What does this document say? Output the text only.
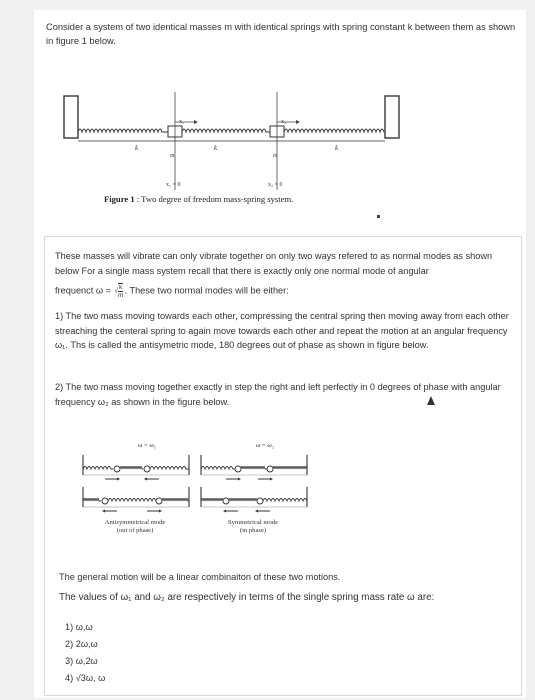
Consider a system of two identical masses m with identical springs with spring constant k between them as shown in figure 1 below.
k	k	k
x₁	x₂
m	m
x₁ = 0	x₂ = 0
Figure 1 : Two degree of freedom mass-spring system.
These masses will vibrate can only vibrate together on only two ways refered to as normal modes as shown below For a single mass system recall that there is exactly only one normal mode of angular
frequenct ω = √ $\frac{k}{m}$ . These two normal modes will be either:
1) The two mass moving towards each other, compressing the central spring then moving away from each other streaching the centeral spring to again move towards each other and repeat the motion at an angular frequency ω₁. Ths is called the antisymetric mode, 180 degrees out of phase as shown in figure below.
2) The two mass moving together exactly in step the right and left perfectly in 0 degrees of phase with angular frequency ω₂ as shown in the figure below.
ω = ω₁	ω = ω₂
Antisymmetrical mode
(out of phase)
Symmetrical mode
(in phase)
The general motion will be a linear combinaiton of these two motions.
The values of ω₁ and ω₂ are respectively in terms of the single spring mass rate ω are:
1) ω,ω
2) 2ω,ω
3) ω,2ω
4) √3ω, ω
